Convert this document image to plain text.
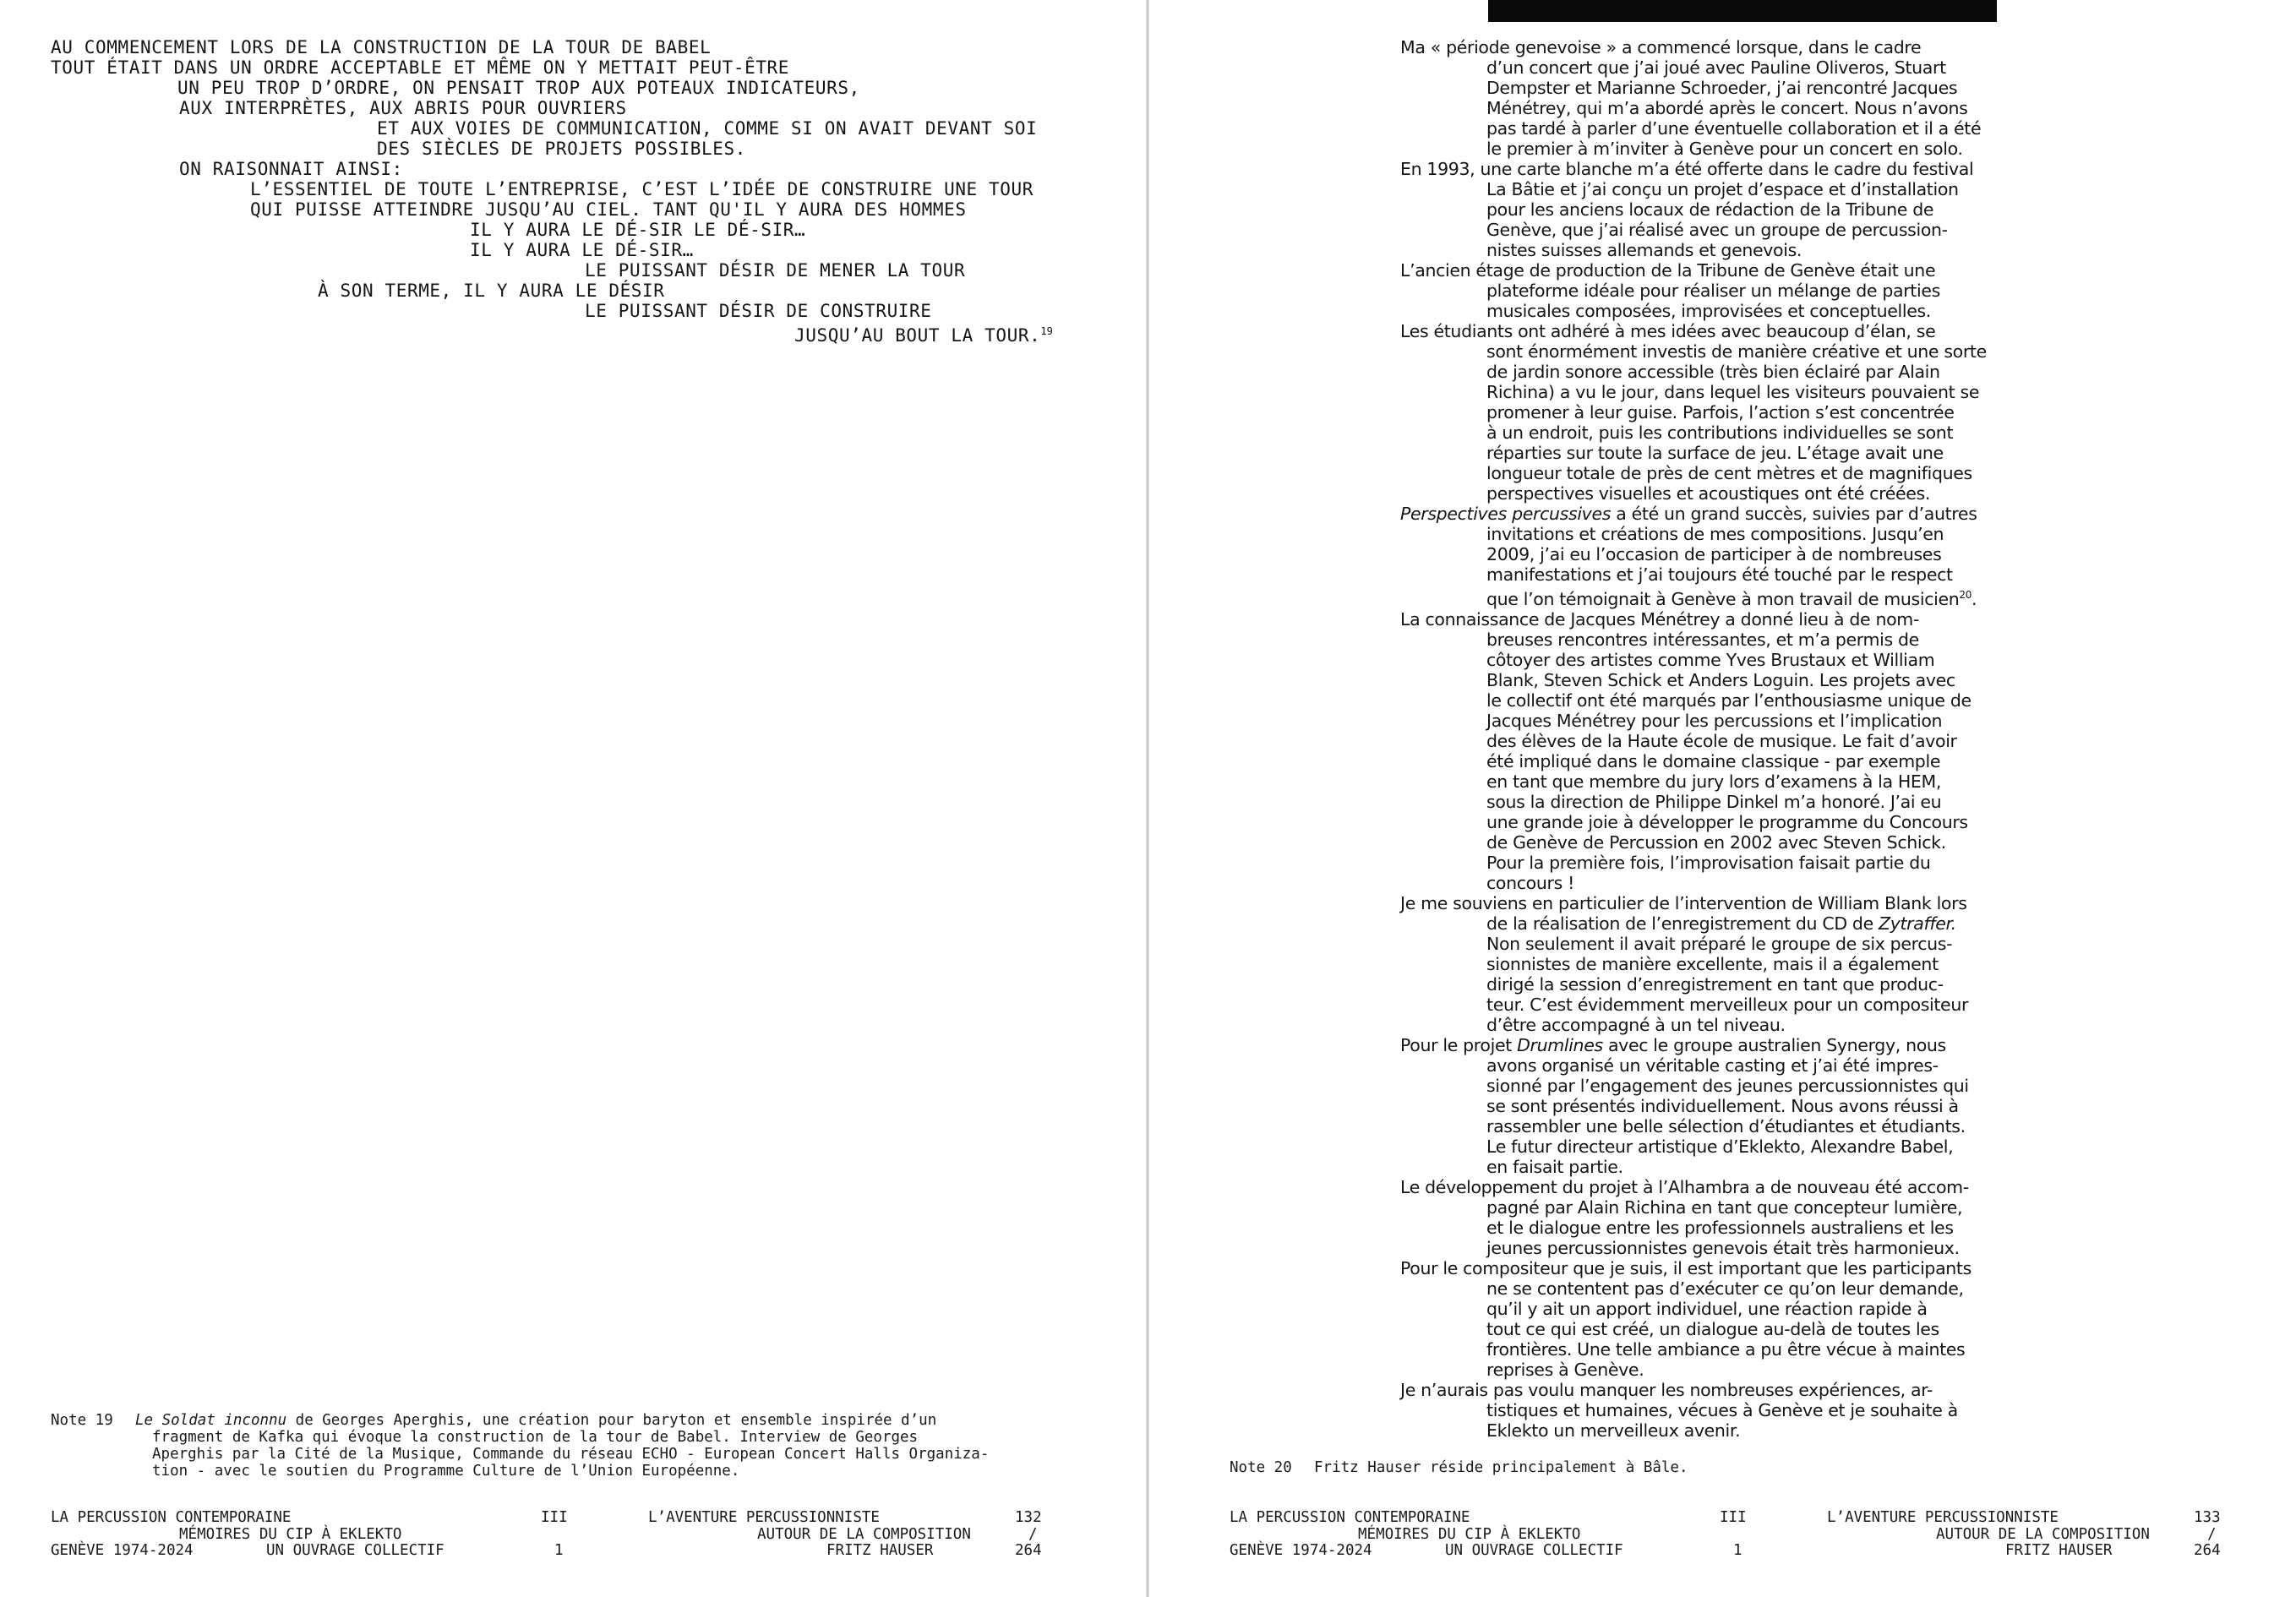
AU COMMENCEMENT LORS DE LA CONSTRUCTION DE LA TOUR DE BABEL
TOUT ÉTAIT DANS UN ORDRE ACCEPTABLE ET MÊME ON Y METTAIT PEUT-ÊTRE
UN PEU TROP D’ORDRE, ON PENSAIT TROP AUX POTEAUX INDICATEURS,
AUX INTERPRÈTES, AUX ABRIS POUR OUVRIERS
ET AUX VOIES DE COMMUNICATION, COMME SI ON AVAIT DEVANT SOI
DES SIÈCLES DE PROJETS POSSIBLES.
ON RAISONNAIT AINSI:
L’ESSENTIEL DE TOUTE L’ENTREPRISE, C’EST L’IDÉE DE CONSTRUIRE UNE TOUR
QUI PUISSE ATTEINDRE JUSQU’AU CIEL. TANT QU'IL Y AURA DES HOMMES
IL Y AURA LE DÉ-SIR LE DÉ-SIR…
IL Y AURA LE DÉ-SIR…
LE PUISSANT DÉSIR DE MENER LA TOUR
À SON TERME, IL Y AURA LE DÉSIR
LE PUISSANT DÉSIR DE CONSTRUIRE
JUSQU’AU BOUT LA TOUR.$^{19}$
Note 19 Le Soldat inconnu de Georges Aperghis, une création pour baryton et ensemble inspirée d’un
fragment de Kafka qui évoque la construction de la tour de Babel. Interview de Georges
Aperghis par la Cité de la Musique, Commande du réseau ECHO - European Concert Halls Organiza-
tion - avec le soutien du Programme Culture de l’Union Européenne.
LA PERCUSSION CONTEMPORAINE
MÉMOIRES DU CIP À EKLEKTO
GENÈVE 1974-2024	UN OUVRAGE COLLECTIF
III
1
L’AVENTURE PERCUSSIONNISTE
AUTOUR DE LA COMPOSITION
FRITZ HAUSER
132
/
264

Ma « période genevoise » a commencé lorsque, dans le cadre
d’un concert que j’ai joué avec Pauline Oliveros, Stuart
Dempster et Marianne Schroeder, j’ai rencontré Jacques
Ménétrey, qui m’a abordé après le concert. Nous n’avons
pas tardé à parler d’une éventuelle collaboration et il a été
le premier à m’inviter à Genève pour un concert en solo.

En 1993, une carte blanche m’a été offerte dans le cadre du festival
La Bâtie et j’ai conçu un projet d’espace et d’installation
pour les anciens locaux de rédaction de la Tribune de
Genève, que j’ai réalisé avec un groupe de percussion-
nistes suisses allemands et genevois.

L’ancien étage de production de la Tribune de Genève était une
plateforme idéale pour réaliser un mélange de parties
musicales composées, improvisées et conceptuelles.

Les étudiants ont adhéré à mes idées avec beaucoup d’élan, se
sont énormément investis de manière créative et une sorte
de jardin sonore accessible (très bien éclairé par Alain
Richina) a vu le jour, dans lequel les visiteurs pouvaient se
promener à leur guise. Parfois, l’action s’est concentrée
à un endroit, puis les contributions individuelles se sont
réparties sur toute la surface de jeu. L’étage avait une
longueur totale de près de cent mètres et de magnifiques
perspectives visuelles et acoustiques ont été créées.

Perspectives percussives a été un grand succès, suivies par d’autres
invitations et créations de mes compositions. Jusqu’en
2009, j’ai eu l’occasion de participer à de nombreuses
manifestations et j’ai toujours été touché par le respect
que l’on témoignait à Genève à mon travail de musicien$^{20}$.

La connaissance de Jacques Ménétrey a donné lieu à de nom-
breuses rencontres intéressantes, et m’a permis de
côtoyer des artistes comme Yves Brustaux et William
Blank, Steven Schick et Anders Loguin. Les projets avec
le collectif ont été marqués par l’enthousiasme unique de
Jacques Ménétrey pour les percussions et l’implication
des élèves de la Haute école de musique. Le fait d’avoir
été impliqué dans le domaine classique - par exemple
en tant que membre du jury lors d’examens à la HEM,
sous la direction de Philippe Dinkel m’a honoré. J’ai eu
une grande joie à développer le programme du Concours
de Genève de Percussion en 2002 avec Steven Schick.
Pour la première fois, l’improvisation faisait partie du
concours !

Je me souviens en particulier de l’intervention de William Blank lors
de la réalisation de l’enregistrement du CD de Zytraffer.
Non seulement il avait préparé le groupe de six percus-
sionnistes de manière excellente, mais il a également
dirigé la session d’enregistrement en tant que produc-
teur. C’est évidemment merveilleux pour un compositeur
d’être accompagné à un tel niveau.

Pour le projet Drumlines avec le groupe australien Synergy, nous
avons organisé un véritable casting et j’ai été impres-
sionné par l’engagement des jeunes percussionnistes qui
se sont présentés individuellement. Nous avons réussi à
rassembler une belle sélection d’étudiantes et étudiants.
Le futur directeur artistique d’Eklekto, Alexandre Babel,
en faisait partie.

Le développement du projet à l’Alhambra a de nouveau été accom-
pagné par Alain Richina en tant que concepteur lumière,
et le dialogue entre les professionnels australiens et les
jeunes percussionnistes genevois était très harmonieux.

Pour le compositeur que je suis, il est important que les participants
ne se contentent pas d’exécuter ce qu’on leur demande,
qu’il y ait un apport individuel, une réaction rapide à
tout ce qui est créé, un dialogue au-delà de toutes les
frontières. Une telle ambiance a pu être vécue à maintes
reprises à Genève.

Je n’aurais pas voulu manquer les nombreuses expériences, ar-
tistiques et humaines, vécues à Genève et je souhaite à
Eklekto un merveilleux avenir.

Note 20 Fritz Hauser réside principalement à Bâle.
LA PERCUSSION CONTEMPORAINE
MÉMOIRES DU CIP À EKLEKTO
GENÈVE 1974-2024	UN OUVRAGE COLLECTIF
III
1
L’AVENTURE PERCUSSIONNISTE
AUTOUR DE LA COMPOSITION
FRITZ HAUSER
133
/
264
